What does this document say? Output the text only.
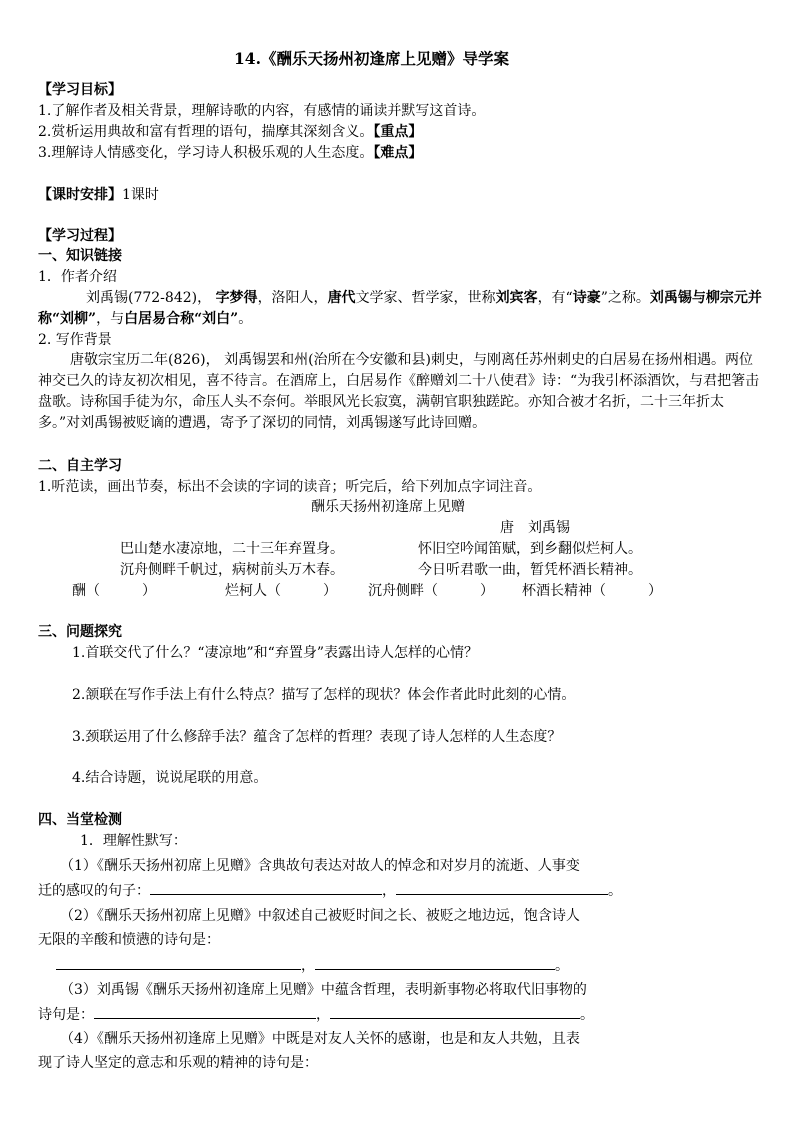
14.《酬乐天扬州初逢席上见赠》导学案
【学习目标】
1.了解作者及相关背景，理解诗歌的内容，有感情的诵读并默写这首诗。
2.赏析运用典故和富有哲理的语句，揣摩其深刻含义。【重点】
3.理解诗人情感变化，学习诗人积极乐观的人生态度。【难点】
【课时安排】1课时
【学习过程】
一、知识链接
1．作者介绍
刘禹锡(772-842)， 字梦得，洛阳人，唐代文学家、哲学家，世称刘宾客，有“诗豪”之称。刘禹锡与柳宗元并称“刘柳”，与白居易合称“刘白”。
2. 写作背景
唐敬宗宝历二年(826)， 刘禹锡罢和州(治所在今安徽和县)刺史，与刚离任苏州刺史的白居易在扬州相遇。两位神交已久的诗友初次相见，喜不待言。在酒席上，白居易作《醉赠刘二十八使君》诗：“为我引杯添酒饮，与君把箸击盘歌。诗称国手徒为尔，命压人头不奈何。举眼风光长寂寞，满朝官职独蹉跎。亦知合被才名折，二十三年折太多。”对刘禹锡被贬谪的遭遇，寄予了深切的同情，刘禹锡遂写此诗回赠。
二、自主学习
1.听范读，画出节奏，标出不会读的字词的读音；听完后，给下列加点字词注音。
酬乐天扬州初逢席上见赠
唐　刘禹锡
巴山楚水凄凉地，二十三年弃置身。	怀旧空吟闻笛赋，到乡翻似烂柯人。
沉舟侧畔千帆过，病树前头万木春。	今日听君歌一曲，暂凭杯酒长精神。
酬（　　　）	烂柯人（　　　） 沉舟侧畔（　　　） 杯酒长精神（　　　）
三、问题探究
1.首联交代了什么？“凄凉地”和“弃置身”表露出诗人怎样的心情？
2.颔联在写作手法上有什么特点？描写了怎样的现状？体会作者此时此刻的心情。
3.颈联运用了什么修辞手法？蕴含了怎样的哲理？表现了诗人怎样的人生态度？
4.结合诗题，说说尾联的用意。
四、当堂检测
1．理解性默写：
（1）《酬乐天扬州初席上见赠》含典故句表达对故人的悼念和对岁月的流逝、人事变
迁的感叹的句子：	，	。
（2）《酬乐天扬州初席上见赠》中叙述自己被贬时间之长、被贬之地边远，饱含诗人
无限的辛酸和愤懑的诗句是：
，	。
（3）刘禹锡《酬乐天扬州初逢席上见赠》中蕴含哲理，表明新事物必将取代旧事物的
诗句是：	，	。
（4）《酬乐天扬州初逢席上见赠》中既是对友人关怀的感谢，也是和友人共勉，且表
现了诗人坚定的意志和乐观的精神的诗句是：
